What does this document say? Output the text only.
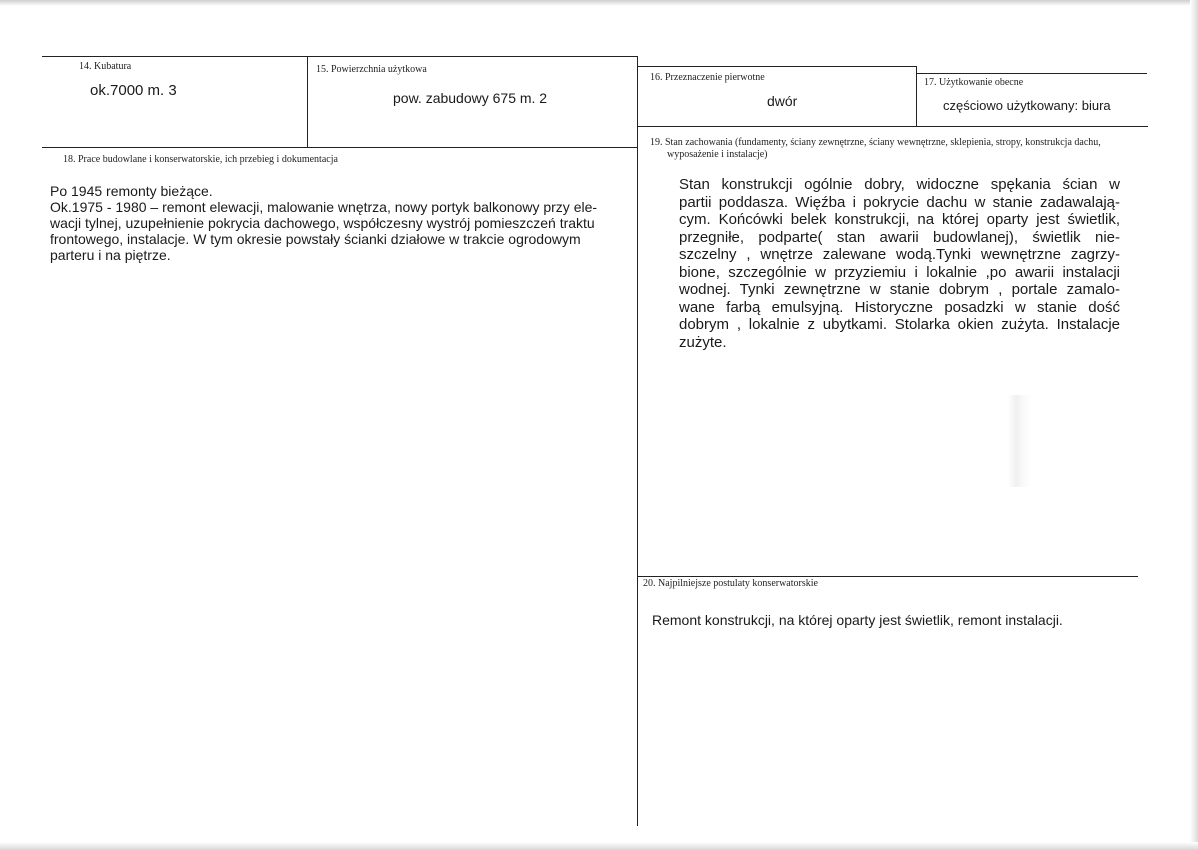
14. Kubatura
ok.7000 m. 3
15. Powierzchnia użytkowa
pow. zabudowy 675 m. 2
16. Przeznaczenie pierwotne
dwór
17. Użytkowanie obecne
częściowo użytkowany: biura
18. Prace budowlane i konserwatorskie, ich przebieg i dokumentacja
Po 1945 remonty bieżące.
Ok.1975 - 1980 – remont elewacji, malowanie wnętrza, nowy portyk balkonowy przy ele-
wacji tylnej, uzupełnienie pokrycia dachowego, współczesny wystrój pomieszczeń traktu
frontowego, instalacje. W tym okresie powstały ścianki działowe w trakcie ogrodowym
parteru i na piętrze.
19. Stan zachowania (fundamenty, ściany zewnętrzne, ściany wewnętrzne, sklepienia, stropy, konstrukcja dachu,
wyposażenie i instalacje)
Stan konstrukcji ogólnie dobry, widoczne spękania ścian w
partii poddasza. Więźba i pokrycie dachu w stanie zadawalają-
cym. Końcówki belek konstrukcji, na której oparty jest świetlik,
przegniłe, podparte( stan awarii budowlanej), świetlik nie-
szczelny , wnętrze zalewane wodą.Tynki wewnętrzne zagrzy-
bione, szczególnie w przyziemiu i lokalnie ,po awarii instalacji
wodnej. Tynki zewnętrzne w stanie dobrym , portale zamalo-
wane farbą emulsyjną. Historyczne posadzki w stanie dość
dobrym , lokalnie z ubytkami. Stolarka okien zużyta. Instalacje
zużyte.
20. Najpilniejsze postulaty konserwatorskie
Remont konstrukcji, na której oparty jest świetlik, remont instalacji.
